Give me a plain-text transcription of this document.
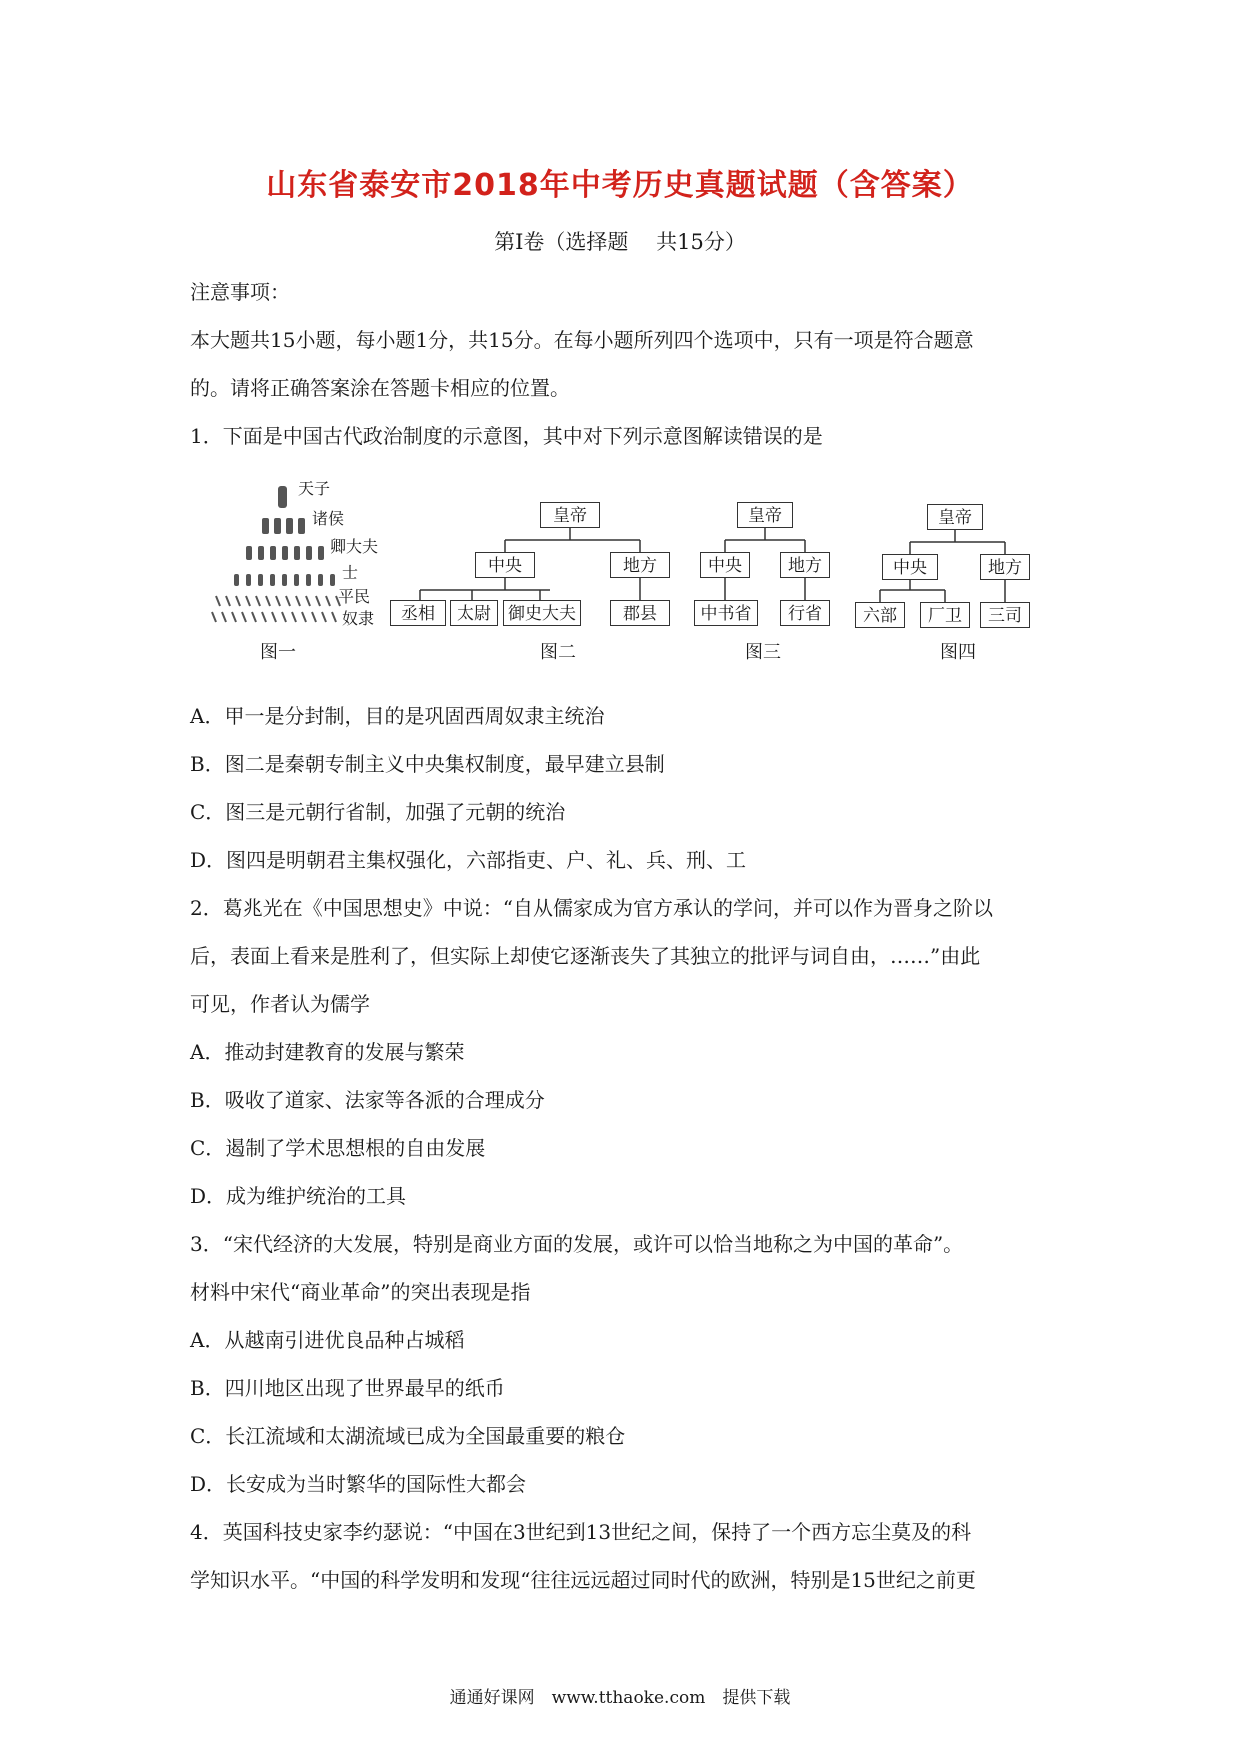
山东省泰安市2018年中考历史真题试题（含答案）
第Ⅰ卷（选择题　 共15分）
注意事项：
本大题共15小题，每小题1分，共15分。在每小题所列四个选项中，只有一项是符合题意
的。请将正确答案涂在答题卡相应的位置。
1．下面是中国古代政治制度的示意图，其中对下列示意图解读错误的是
天子
诸侯
卿大夫
士
平民
奴隶
图一
皇帝
中央	地方
丞相	太尉	御史大夫	郡县
图二
皇帝
中央	地方
中书省	行省
图三
皇帝
中央	地方
六部	厂卫	三司
图四
A．甲一是分封制，目的是巩固西周奴隶主统治
B．图二是秦朝专制主义中央集权制度，最早建立县制
C．图三是元朝行省制，加强了元朝的统治
D．图四是明朝君主集权强化，六部指吏、户、礼、兵、刑、工
2．葛兆光在《中国思想史》中说：“自从儒家成为官方承认的学问，并可以作为晋身之阶以
后，表面上看来是胜利了，但实际上却使它逐渐丧失了其独立的批评与词自由，……”由此
可见，作者认为儒学
A．推动封建教育的发展与繁荣
B．吸收了道家、法家等各派的合理成分
C．遏制了学术思想根的自由发展
D．成为维护统治的工具
3．“宋代经济的大发展，特别是商业方面的发展，或许可以恰当地称之为中国的革命”。
材料中宋代“商业革命”的突出表现是指
A．从越南引进优良品种占城稻
B．四川地区出现了世界最早的纸币
C．长江流域和太湖流域已成为全国最重要的粮仓
D．长安成为当时繁华的国际性大都会
4．英国科技史家李约瑟说：“中国在3世纪到13世纪之间，保持了一个西方忘尘莫及的科
学知识水平。“中国的科学发明和发现“往往远远超过同时代的欧洲，特别是15世纪之前更
通通好课网　www.tthaoke.com　提供下载
